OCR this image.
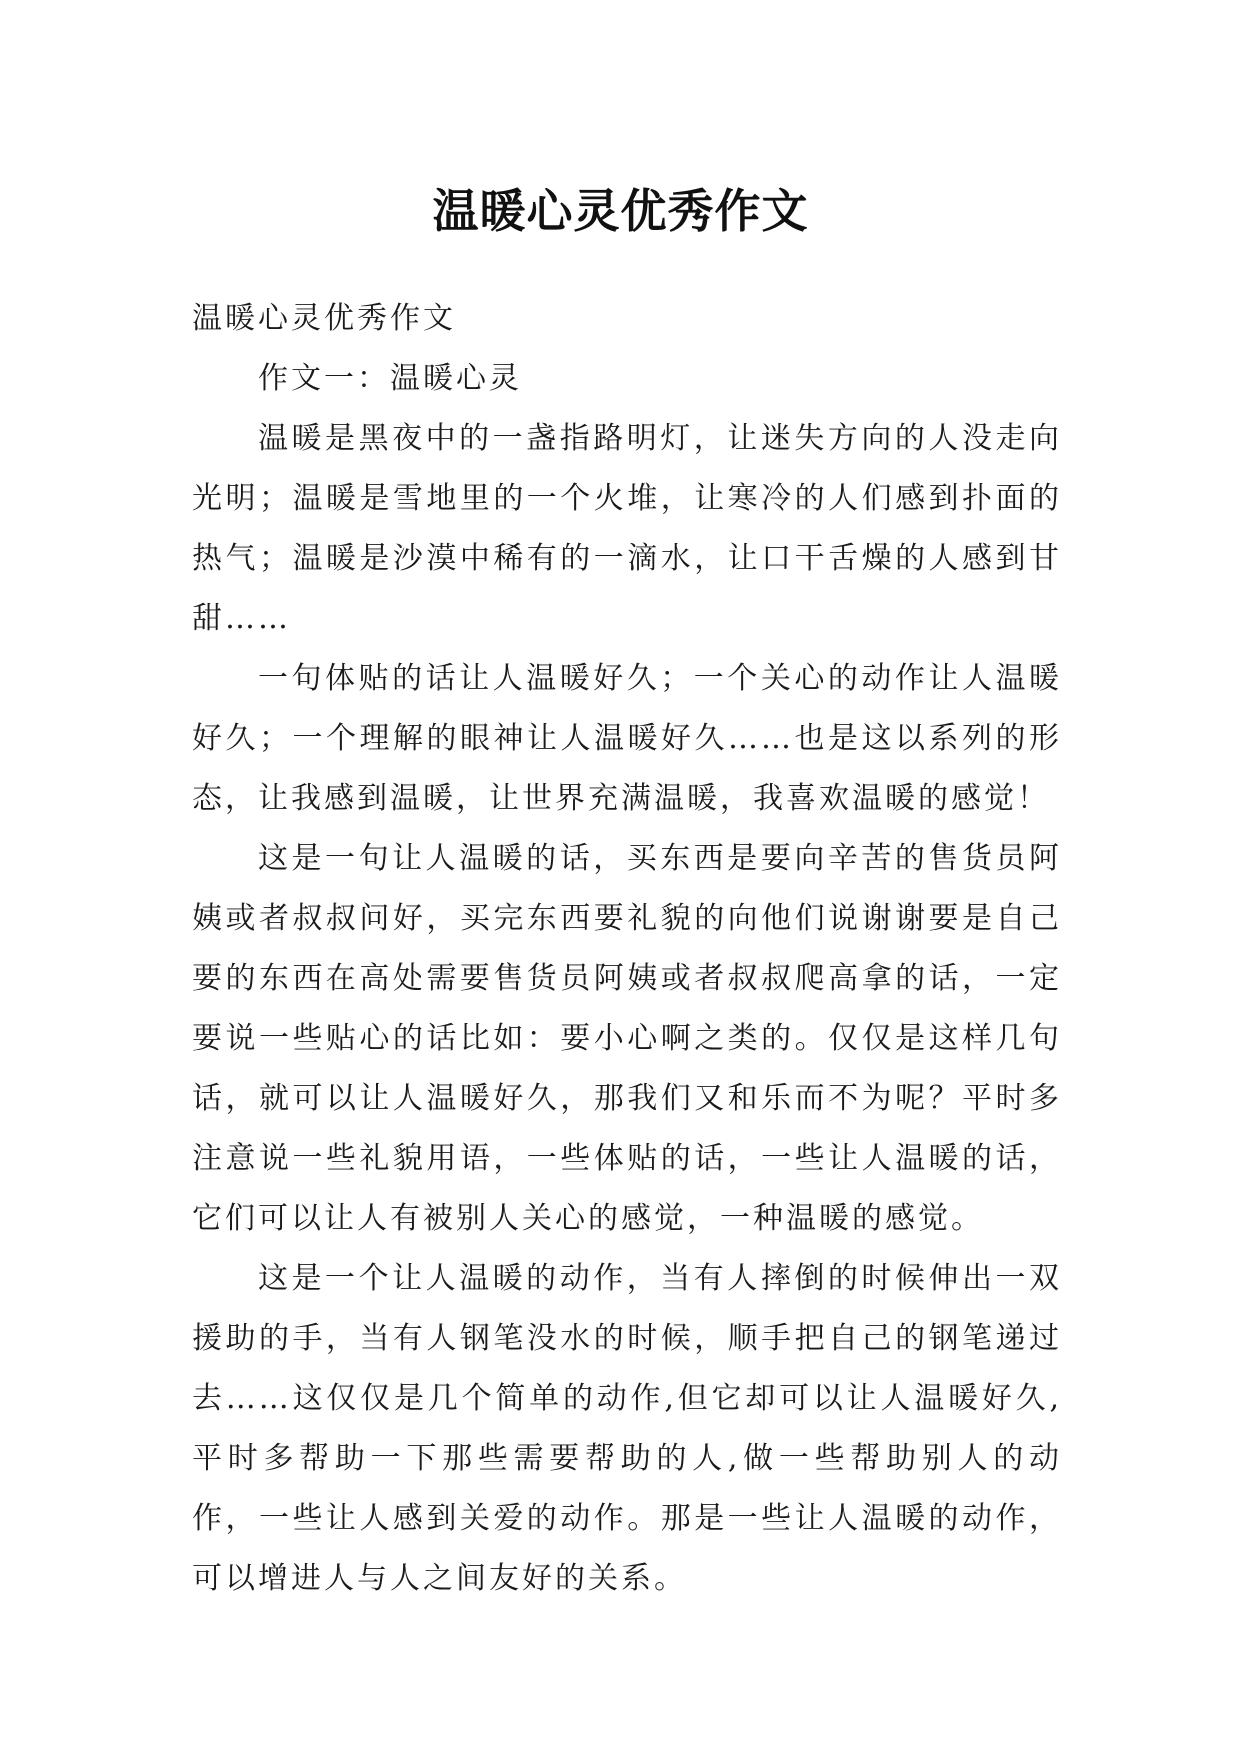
温暖心灵优秀作文

温暖心灵优秀作文

作文一：温暖心灵

温暖是黑夜中的一盏指路明灯，让迷失方向的人没走向光明；温暖是雪地里的一个火堆，让寒冷的人们感到扑面的热气；温暖是沙漠中稀有的一滴水，让口干舌燥的人感到甘甜……

一句体贴的话让人温暖好久；一个关心的动作让人温暖好久；一个理解的眼神让人温暖好久……也是这以系列的形态，让我感到温暖，让世界充满温暖，我喜欢温暖的感觉！

这是一句让人温暖的话，买东西是要向辛苦的售货员阿姨或者叔叔问好，买完东西要礼貌的向他们说谢谢要是自己要的东西在高处需要售货员阿姨或者叔叔爬高拿的话，一定要说一些贴心的话比如：要小心啊之类的。仅仅是这样几句话，就可以让人温暖好久，那我们又和乐而不为呢？平时多注意说一些礼貌用语，一些体贴的话，一些让人温暖的话，它们可以让人有被别人关心的感觉，一种温暖的感觉。

这是一个让人温暖的动作，当有人摔倒的时候伸出一双援助的手，当有人钢笔没水的时候，顺手把自己的钢笔递过去……这仅仅是几个简单的动作,但它却可以让人温暖好久,平时多帮助一下那些需要帮助的人,做一些帮助别人的动作，一些让人感到关爱的动作。那是一些让人温暖的动作，可以增进人与人之间友好的关系。
